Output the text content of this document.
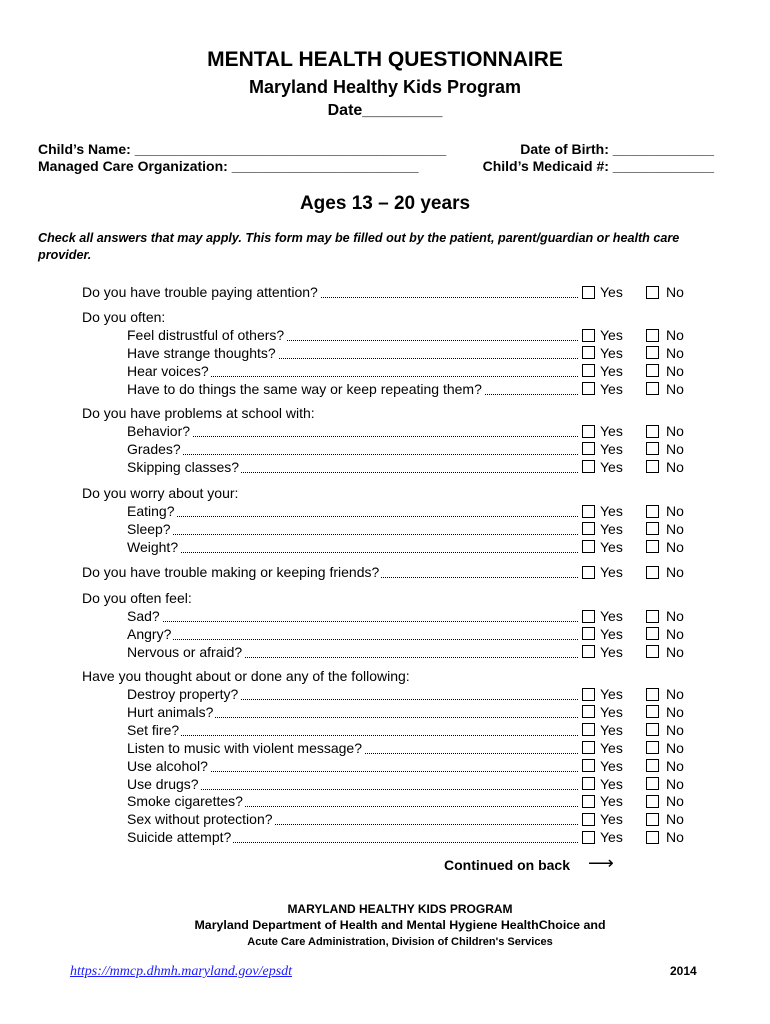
MENTAL HEALTH QUESTIONNAIRE
Maryland Healthy Kids Program
Date_________
Child’s Name: ________________________________________	Date of Birth: _____________
Managed Care Organization: ________________________	Child’s Medicaid #: _____________
Ages 13 – 20 years
Check all answers that may apply. This form may be filled out by the patient, parent/guardian or health care provider.
Do you have trouble paying attention?	Yes	No
Do you often:
Feel distrustful of others?	Yes	No
Have strange thoughts?	Yes	No
Hear voices?	Yes	No
Have to do things the same way or keep repeating them?	Yes	No
Do you have problems at school with:
Behavior?	Yes	No
Grades?	Yes	No
Skipping classes?	Yes	No
Do you worry about your:
Eating?	Yes	No
Sleep?	Yes	No
Weight?	Yes	No
Do you have trouble making or keeping friends?	Yes	No
Do you often feel:
Sad?	Yes	No
Angry?	Yes	No
Nervous or afraid?	Yes	No
Have you thought about or done any of the following:
Destroy property?	Yes	No
Hurt animals?	Yes	No
Set fire?	Yes	No
Listen to music with violent message?	Yes	No
Use alcohol?	Yes	No
Use drugs?	Yes	No
Smoke cigarettes?	Yes	No
Sex without protection?	Yes	No
Suicide attempt?	Yes	No
Continued on back ⟶
MARYLAND HEALTHY KIDS PROGRAM
Maryland Department of Health and Mental Hygiene HealthChoice and
Acute Care Administration, Division of Children's Services
https://mmcp.dhmh.maryland.gov/epsdt	2014
